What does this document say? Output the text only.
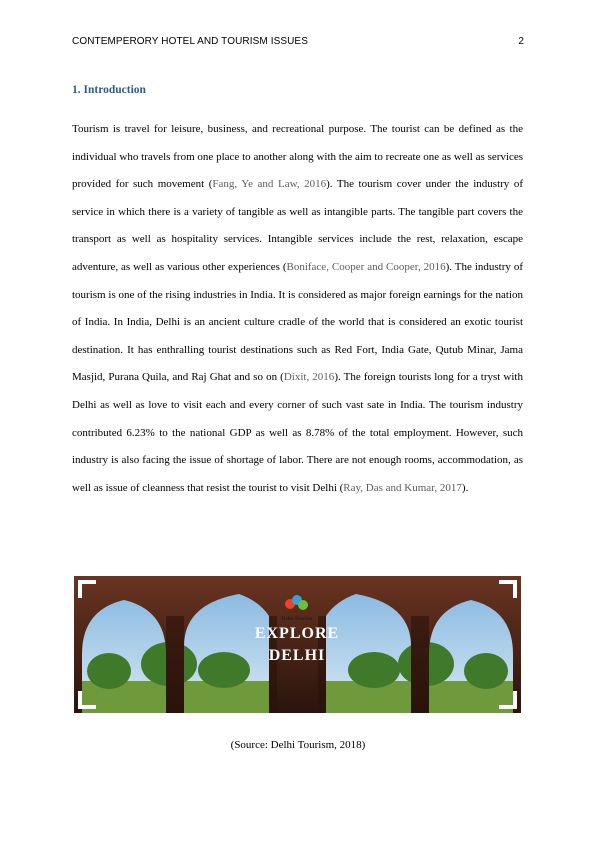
CONTEMPERORY HOTEL AND TOURISM ISSUES	2
1. Introduction

Tourism is travel for leisure, business, and recreational purpose. The tourist can be defined as the individual who travels from one place to another along with the aim to recreate one as well as services provided for such movement (Fang, Ye and Law, 2016). The tourism cover under the industry of service in which there is a variety of tangible as well as intangible parts. The tangible part covers the transport as well as hospitality services. Intangible services include the rest, relaxation, escape adventure, as well as various other experiences (Boniface, Cooper and Cooper, 2016). The industry of tourism is one of the rising industries in India. It is considered as major foreign earnings for the nation of India. In India, Delhi is an ancient culture cradle of the world that is considered an exotic tourist destination. It has enthralling tourist destinations such as Red Fort, India Gate, Qutub Minar, Jama Masjid, Purana Quila, and Raj Ghat and so on (Dixit, 2016). The foreign tourists long for a tryst with Delhi as well as love to visit each and every corner of such vast sate in India. The tourism industry contributed 6.23% to the national GDP as well as 8.78% of the total employment. However, such industry is also facing the issue of shortage of labor. There are not enough rooms, accommodation, as well as issue of cleanness that resist the tourist to visit Delhi (Ray, Das and Kumar, 2017).

Delhi Tourism
EXPLORE
DELHI
(Source: Delhi Tourism, 2018)
